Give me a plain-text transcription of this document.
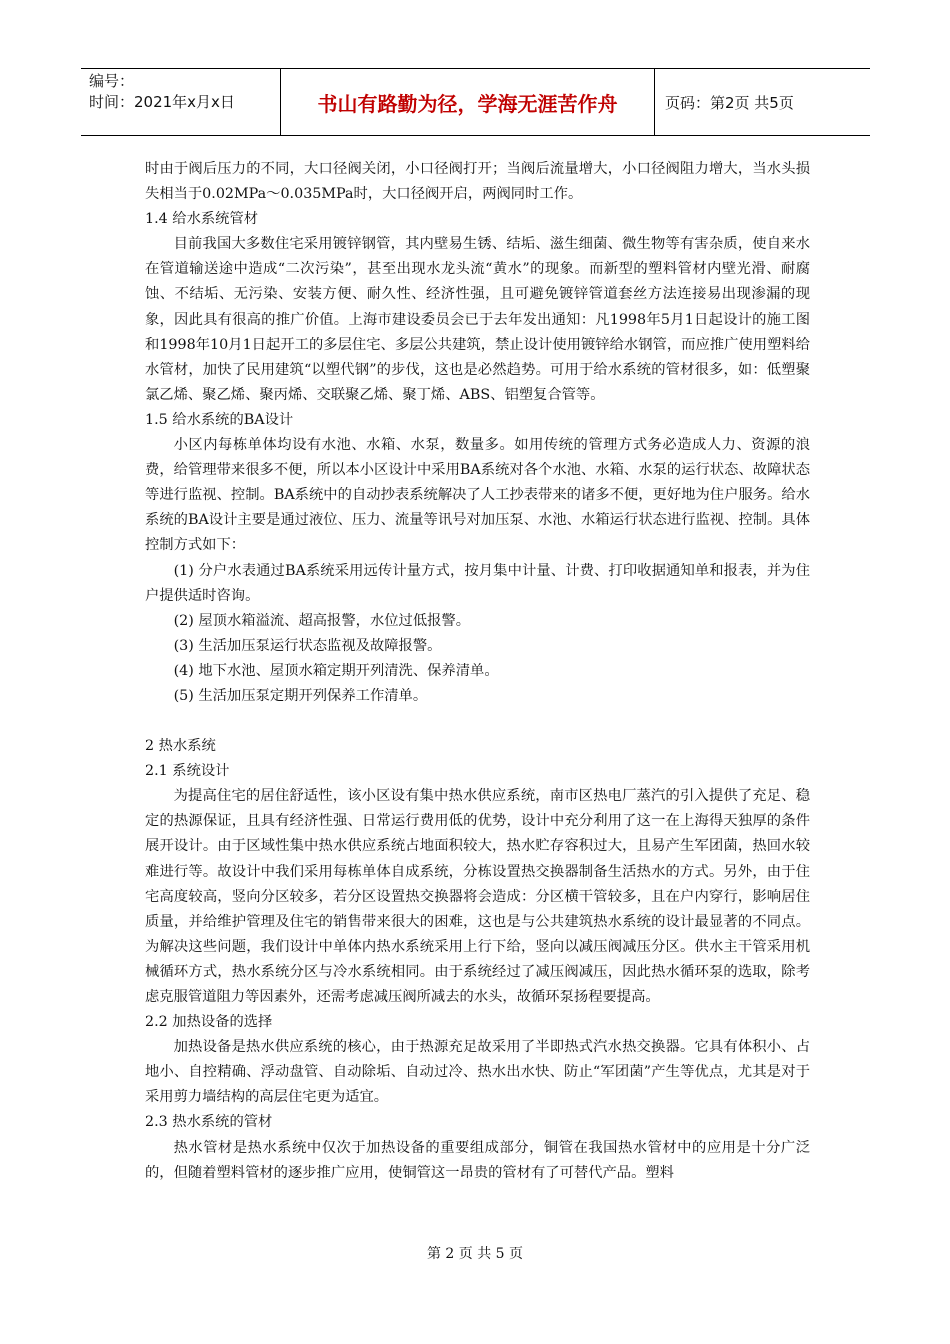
编号：
时间：2021年x月x日	书山有路勤为径，学海无涯苦作舟	页码：第2页 共5页

时由于阀后压力的不同，大口径阀关闭，小口径阀打开；当阀后流量增大，小口径阀阻力增大，当水头损失相当于0.02MPa～0.035MPa时，大口径阀开启，两阀同时工作。

1.4 给水系统管材

目前我国大多数住宅采用镀锌钢管，其内壁易生锈、结垢、滋生细菌、微生物等有害杂质，使自来水在管道输送途中造成“二次污染”，甚至出现水龙头流“黄水”的现象。而新型的塑料管材内壁光滑、耐腐蚀、不结垢、无污染、安装方便、耐久性、经济性强，且可避免镀锌管道套丝方法连接易出现渗漏的现象，因此具有很高的推广价值。上海市建设委员会已于去年发出通知：凡1998年5月1日起设计的施工图和1998年10月1日起开工的多层住宅、多层公共建筑，禁止设计使用镀锌给水钢管，而应推广使用塑料给水管材，加快了民用建筑“以塑代钢”的步伐，这也是必然趋势。可用于给水系统的管材很多，如：低塑聚氯乙烯、聚乙烯、聚丙烯、交联聚乙烯、聚丁烯、ABS、铝塑复合管等。

1.5 给水系统的BA设计

小区内每栋单体均设有水池、水箱、水泵，数量多。如用传统的管理方式务必造成人力、资源的浪费，给管理带来很多不便，所以本小区设计中采用BA系统对各个水池、水箱、水泵的运行状态、故障状态等进行监视、控制。BA系统中的自动抄表系统解决了人工抄表带来的诸多不便，更好地为住户服务。给水系统的BA设计主要是通过液位、压力、流量等讯号对加压泵、水池、水箱运行状态进行监视、控制。具体控制方式如下：

(1) 分户水表通过BA系统采用远传计量方式，按月集中计量、计费、打印收据通知单和报表，并为住户提供适时咨询。

(2) 屋顶水箱溢流、超高报警，水位过低报警。

(3) 生活加压泵运行状态监视及故障报警。

(4) 地下水池、屋顶水箱定期开列清洗、保养清单。

(5) 生活加压泵定期开列保养工作清单。

2 热水系统

2.1 系统设计

为提高住宅的居住舒适性，该小区设有集中热水供应系统，南市区热电厂蒸汽的引入提供了充足、稳定的热源保证，且具有经济性强、日常运行费用低的优势，设计中充分利用了这一在上海得天独厚的条件展开设计。由于区域性集中热水供应系统占地面积较大，热水贮存容积过大，且易产生军团菌，热回水较难进行等。故设计中我们采用每栋单体自成系统，分栋设置热交换器制备生活热水的方式。另外，由于住宅高度较高，竖向分区较多，若分区设置热交换器将会造成：分区横干管较多，且在户内穿行，影响居住质量，并给维护管理及住宅的销售带来很大的困难，这也是与公共建筑热水系统的设计最显著的不同点。为解决这些问题，我们设计中单体内热水系统采用上行下给，竖向以减压阀减压分区。供水主干管采用机械循环方式，热水系统分区与冷水系统相同。由于系统经过了减压阀减压，因此热水循环泵的选取，除考虑克服管道阻力等因素外，还需考虑减压阀所减去的水头，故循环泵扬程要提高。

2.2 加热设备的选择

加热设备是热水供应系统的核心，由于热源充足故采用了半即热式汽水热交换器。它具有体积小、占地小、自控精确、浮动盘管、自动除垢、自动过冷、热水出水快、防止“军团菌”产生等优点，尤其是对于采用剪力墙结构的高层住宅更为适宜。

2.3 热水系统的管材

热水管材是热水系统中仅次于加热设备的重要组成部分，铜管在我国热水管材中的应用是十分广泛的，但随着塑料管材的逐步推广应用，使铜管这一昂贵的管材有了可替代产品。塑料

第 2 页 共 5 页
